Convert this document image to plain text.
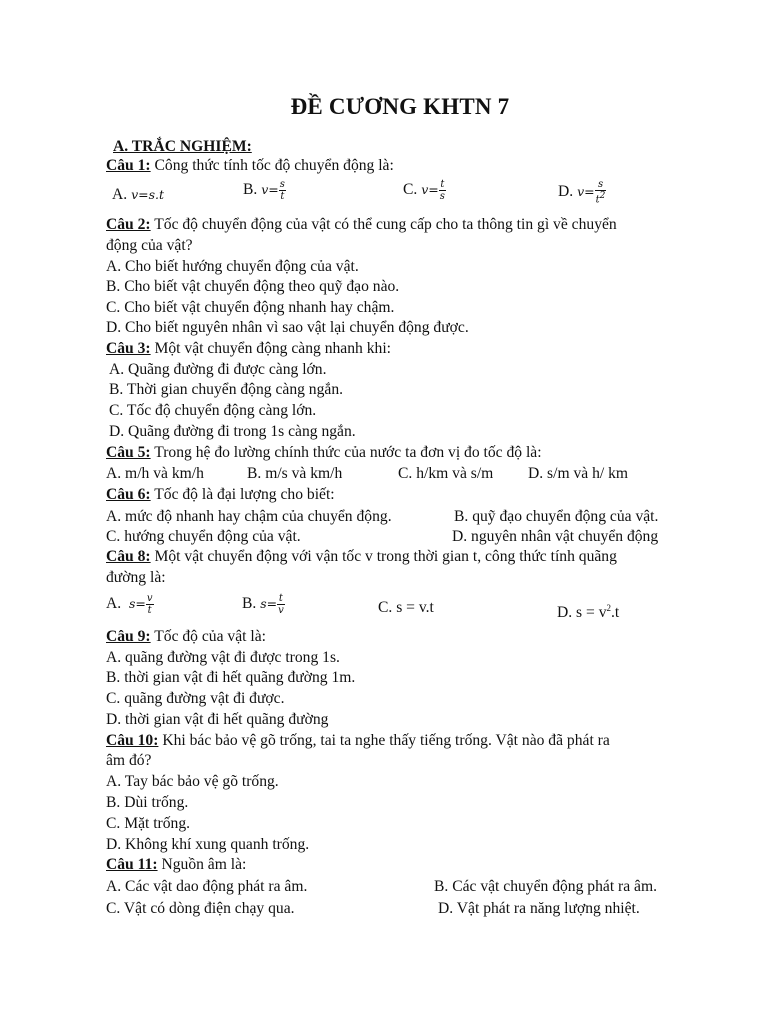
ĐỀ CƯƠNG KHTN 7
A. TRẮC NGHIỆM:
Câu 1: Công thức tính tốc độ chuyển động là:
A. v=s.t	B. $v= \frac{s}{t}$	C. $v= \frac{t}{s}$	D. $v= \frac{s}{t^2}$
Câu 2: Tốc độ chuyển động của vật có thể cung cấp cho ta thông tin gì về chuyển
động của vật?
A. Cho biết hướng chuyển động của vật.
B. Cho biết vật chuyển động theo quỹ đạo nào.
C. Cho biết vật chuyển động nhanh hay chậm.
D. Cho biết nguyên nhân vì sao vật lại chuyển động được.
Câu 3: Một vật chuyển động càng nhanh khi:
A. Quãng đường đi được càng lớn.
B. Thời gian chuyển động càng ngắn.
C. Tốc độ chuyển động càng lớn.
D. Quãng đường đi trong 1s càng ngắn.
Câu 5: Trong hệ đo lường chính thức của nước ta đơn vị đo tốc độ là:
A. m/h và km/h	B. m/s và km/h	C. h/km và s/m D. s/m và h/ km
Câu 6: Tốc độ là đại lượng cho biết:
A. mức độ nhanh hay chậm của chuyển động.	B. quỹ đạo chuyển động của vật.
C. hướng chuyển động của vật.	D. nguyên nhân vật chuyển động
Câu 8: Một vật chuyển động với vận tốc v trong thời gian t, công thức tính quãng
đường là:
A. $s= \frac{v}{t}$	B. $s= \frac{t}{v}$	C. s = v.t	D. $s = v^2.t$
Câu 9: Tốc độ của vật là:
A. quãng đường vật đi được trong 1s.
B. thời gian vật đi hết quãng đường 1m.
C. quãng đường vật đi được.
D. thời gian vật đi hết quãng đường
Câu 10: Khi bác bảo vệ gõ trống, tai ta nghe thấy tiếng trống. Vật nào đã phát ra
âm đó?
A. Tay bác bảo vệ gõ trống.
B. Dùi trống.
C. Mặt trống.
D. Không khí xung quanh trống.
Câu 11: Nguồn âm là:
A. Các vật dao động phát ra âm.	B. Các vật chuyển động phát ra âm.
C. Vật có dòng điện chạy qua.	D. Vật phát ra năng lượng nhiệt.
